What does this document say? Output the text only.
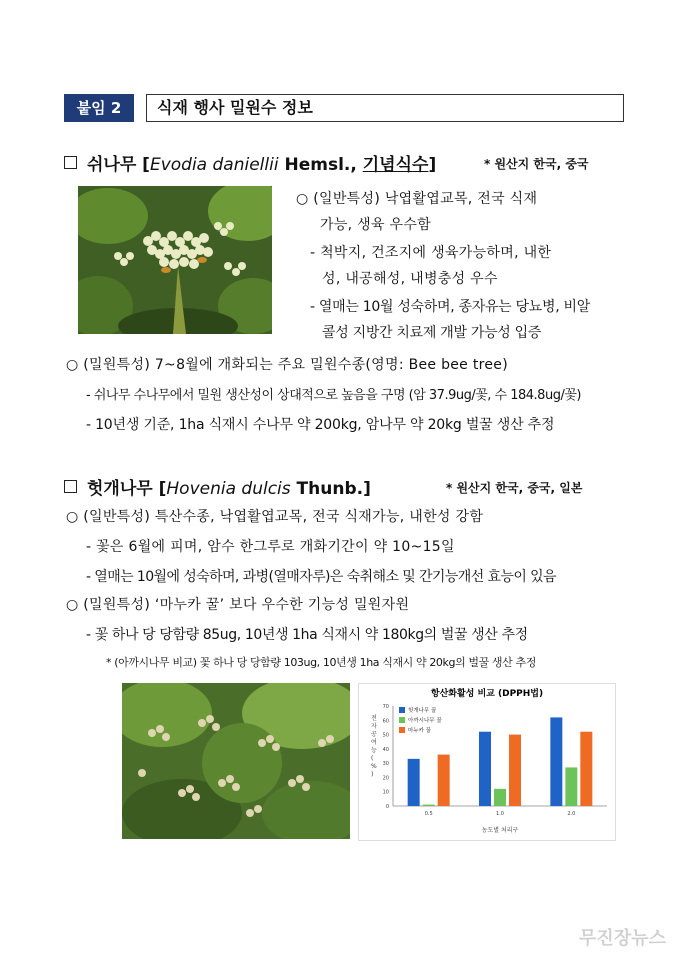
붙임 2	식재 행사 밀원수 정보
쉬나무 [Evodia daniellii Hemsl., 기념식수]	* 원산지 한국, 중국
○ (일반특성) 낙엽활엽교목, 전국 식재
가능, 생육 우수함
- 척박지, 건조지에 생육가능하며, 내한
성, 내공해성, 내병충성 우수
- 열매는 10월 성숙하며, 종자유는 당뇨병, 비알
콜성 지방간 치료제 개발 가능성 입증
○ (밀원특성) 7~8월에 개화되는 주요 밀원수종(영명: Bee bee tree)
- 쉬나무 수나무에서 밀원 생산성이 상대적으로 높음을 구명 (암 37.9ug/꽃, 수 184.8ug/꽃)
- 10년생 기준, 1ha 식재시 수나무 약 200kg, 암나무 약 20kg 벌꿀 생산 추정
헛개나무 [Hovenia dulcis Thunb.]	* 원산지 한국, 중국, 일본
○ (일반특성) 특산수종, 낙엽활엽교목, 전국 식재가능, 내한성 강함
- 꽃은 6월에 피며, 암수 한그루로 개화기간이 약 10~15일
- 열매는 10월에 성숙하며, 과병(열매자루)은 숙취해소 및 간기능개선 효능이 있음
○ (밀원특성) ‘마누카 꿀’ 보다 우수한 기능성 밀원자원
- 꽃 하나 당 당함량 85ug, 10년생 1ha 식재시 약 180kg의 벌꿀 생산 추정
* (아까시나무 비교) 꽃 하나 당 당함량 103ug, 10년생 1ha 식재시 약 20kg의 벌꿀 생산 추정
항산화활성 비교 (DPPH법)
0
10
20
30
40
50
60
70
전 자 공 여 능 ( % )
농도별 처리구
0.5	1.0	2.0
헛개나무 꿀
아까시나무 꿀
마누카 꿀
무진장뉴스
